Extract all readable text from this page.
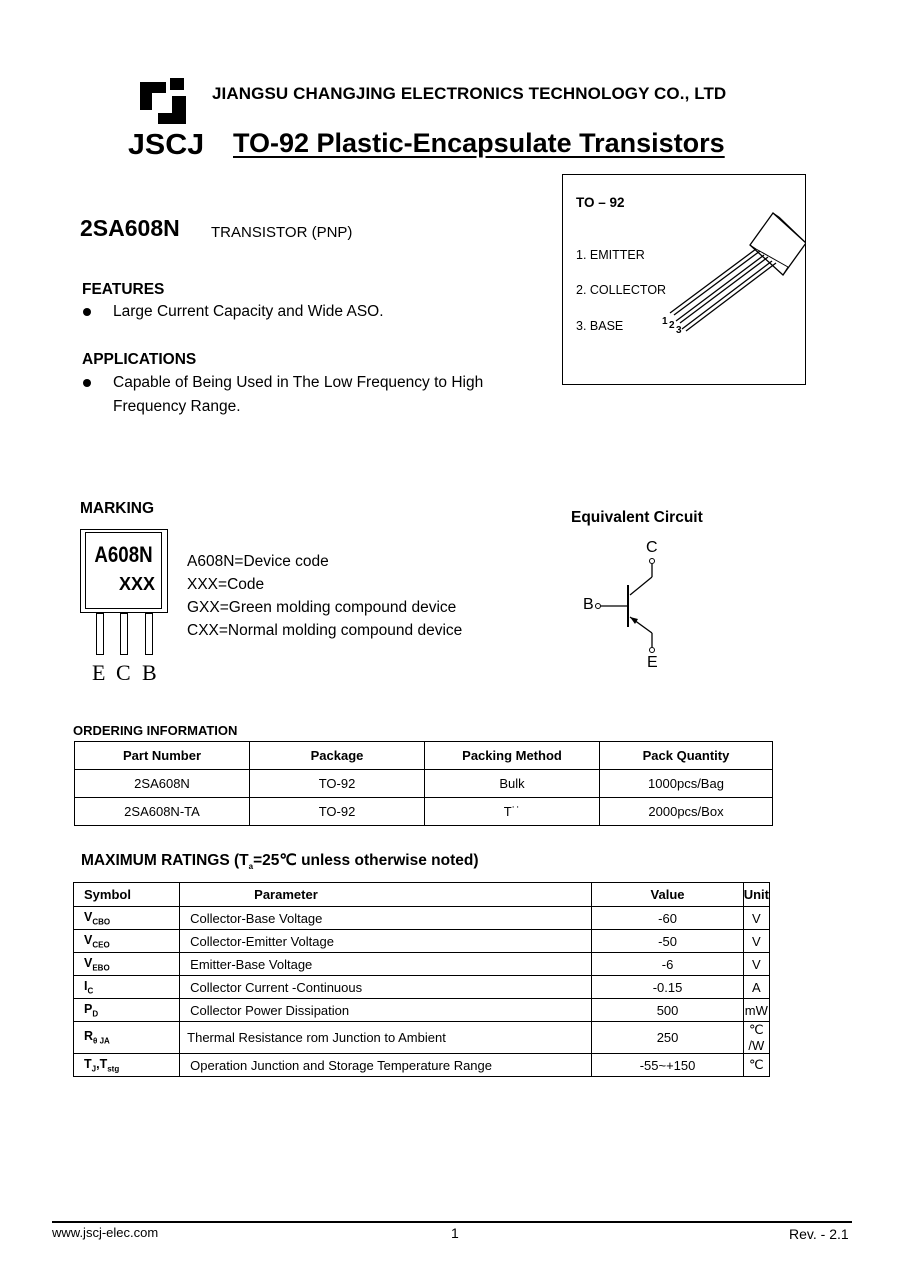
JSCJ
JIANGSU CHANGJING ELECTRONICS TECHNOLOGY CO., LTD
TO-92 Plastic-Encapsulate Transistors
2SA608N TRANSISTOR (PNP)
TO – 92
1. EMITTER
2. COLLECTOR
3. BASE	1 2 3
FEATURES
Large Current Capacity and Wide ASO.
APPLICATIONS
Capable of Being Used in The Low Frequency to High
Frequency Range.
MARKING
A608N
XXX
E C B
A608N=Device code
XXX=Code
GXX=Green molding compound device
CXX=Normal molding compound device
Equivalent Circuit
C
B
E
ORDERING INFORMATION
Part Number	Package	Packing Method	Pack Quantity
2SA608N	TO-92	Bulk	1000pcs/Bag
2SA608N-TA	TO-92	T˙˙	2000pcs/Box
MAXIMUM RATINGS ($T_a=25℃$ unless otherwise noted)
Symbol	Parameter	Value	Unit
$V_{CBO}$	Collector-Base Voltage	-60	V
$V_{CEO}$	Collector-Emitter Voltage	-50	V
$V_{EBO}$	Emitter-Base Voltage	-6	V
$I_C$	Collector Current -Continuous	-0.15	A
$P_D$	Collector Power Dissipation	500	mW
$R_{\theta JA}$	Thermal Resistance rom Junction to Ambient	250	℃ /W
$T_J,T_{stg}$	Operation Junction and Storage Temperature Range	-55~+150	℃
www.jscj-elec.com	1	Rev. - 2.1
